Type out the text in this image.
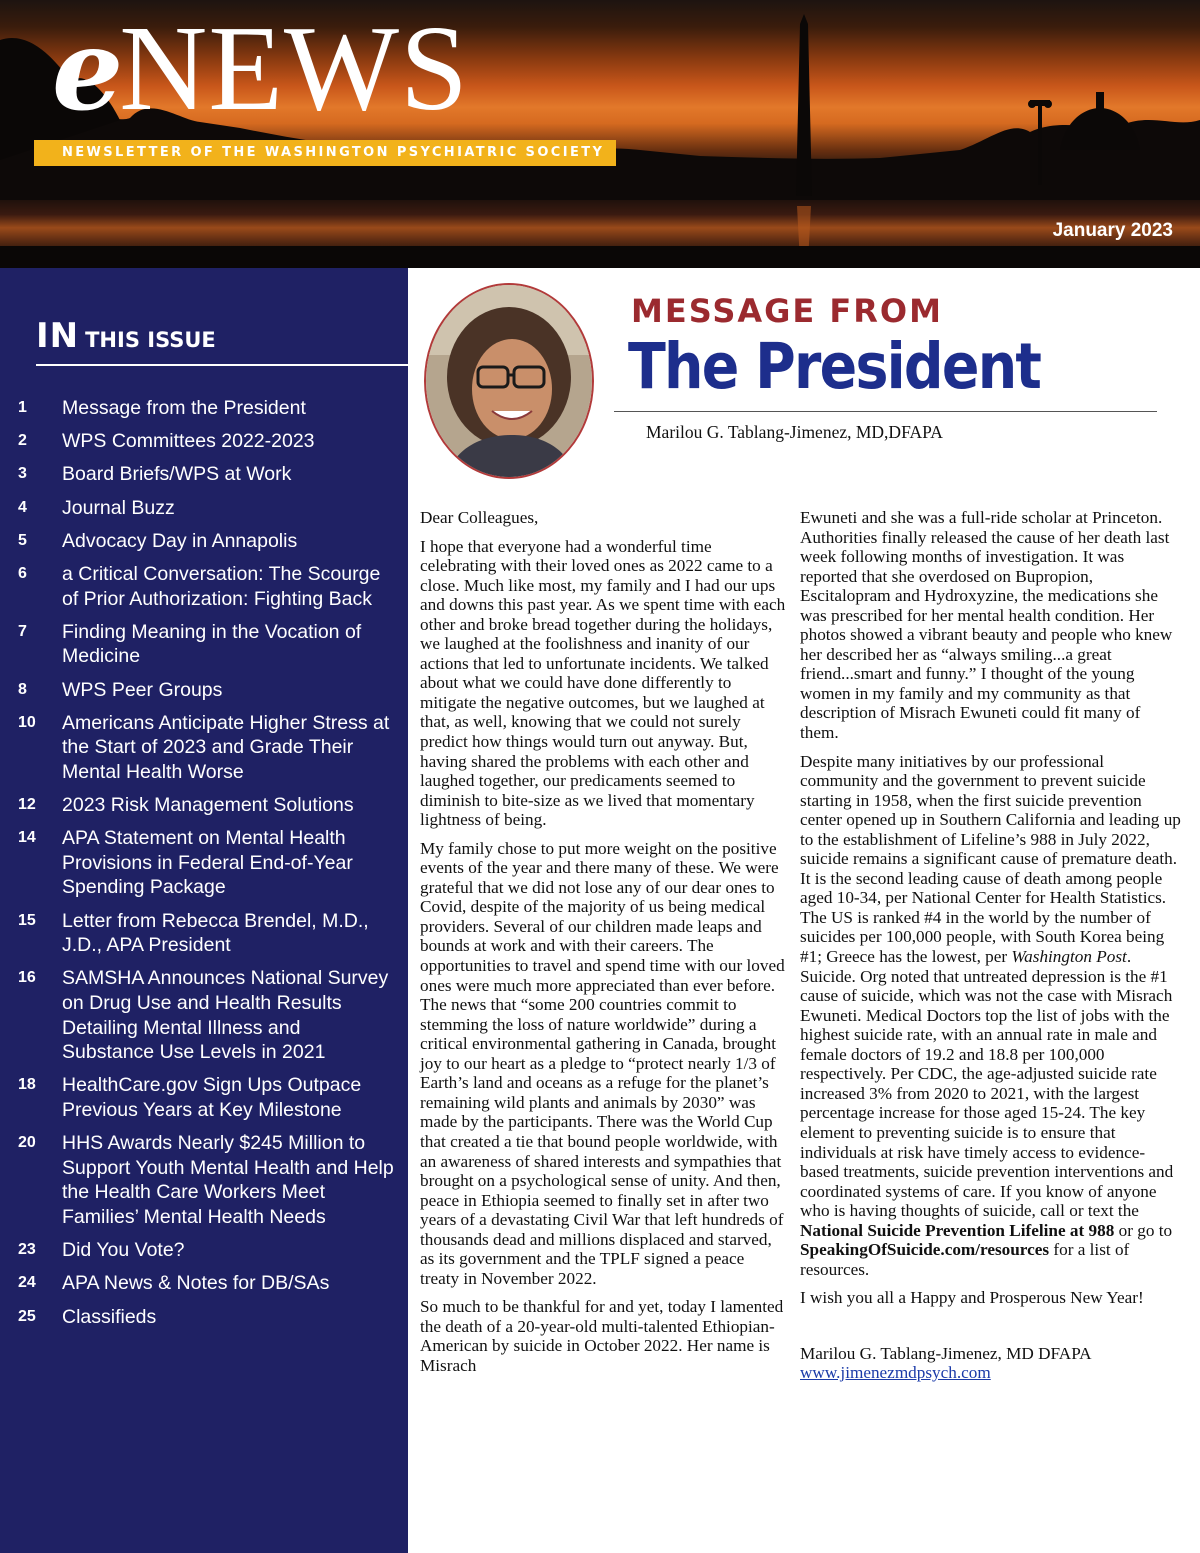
eNEWS
NEWSLETTER OF THE WASHINGTON PSYCHIATRIC SOCIETY
January 2023
IN THIS ISSUE
1	Message from the President
2	WPS Committees 2022-2023
3	Board Briefs/WPS at Work
4	Journal Buzz
5	Advocacy Day in Annapolis
6	a Critical Conversation: The Scourge of Prior Authorization: Fighting Back
7	Finding Meaning in the Vocation of Medicine
8	WPS Peer Groups
10	Americans Anticipate Higher Stress at the Start of 2023 and Grade Their Mental Health Worse
12	2023 Risk Management Solutions
14	APA Statement on Mental Health Provisions in Federal End-of-Year Spending Package
15	Letter from Rebecca Brendel, M.D., J.D., APA President
16	SAMSHA Announces National Survey on Drug Use and Health Results Detailing Mental Illness and Substance Use Levels in 2021
18	HealthCare.gov Sign Ups Outpace Previous Years at Key Milestone
20	HHS Awards Nearly $245 Million to Support Youth Mental Health and Help the Health Care Workers Meet Families’ Mental Health Needs
23	Did You Vote?
24	APA News & Notes for DB/SAs
25	Classifieds
MESSAGE FROM
The President
Marilou G. Tablang-Jimenez, MD,DFAPA

Dear Colleagues,

I hope that everyone had a wonderful time celebrating with their loved ones as 2022 came to a close. Much like most, my family and I had our ups and downs this past year. As we spent time with each other and broke bread together during the holidays, we laughed at the foolishness and inanity of our actions that led to unfortunate incidents. We talked about what we could have done differently to mitigate the negative outcomes, but we laughed at that, as well, knowing that we could not surely predict how things would turn out anyway. But, having shared the problems with each other and laughed together, our predicaments seemed to diminish to bite-size as we lived that momentary lightness of being.

My family chose to put more weight on the positive events of the year and there many of these. We were grateful that we did not lose any of our dear ones to Covid, despite of the majority of us being medical providers. Several of our children made leaps and bounds at work and with their careers. The opportunities to travel and spend time with our loved ones were much more appreciated than ever before. The news that “some 200 countries commit to stemming the loss of nature worldwide” during a critical environmental gathering in Canada, brought joy to our heart as a pledge to “protect nearly 1/3 of Earth’s land and oceans as a refuge for the planet’s remaining wild plants and animals by 2030” was made by the participants. There was the World Cup that created a tie that bound people worldwide, with an awareness of shared interests and sympathies that brought on a psychological sense of unity. And then, peace in Ethiopia seemed to finally set in after two years of a devastating Civil War that left hundreds of thousands dead and millions displaced and starved, as its government and the TPLF signed a peace treaty in November 2022.

So much to be thankful for and yet, today I lamented the death of a 20-year-old multi-talented Ethiopian-American by suicide in October 2022. Her name is Misrach

Ewuneti and she was a full-ride scholar at Princeton. Authorities finally released the cause of her death last week following months of investigation. It was reported that she overdosed on Bupropion, Escitalopram and Hydroxyzine, the medications she was prescribed for her mental health condition. Her photos showed a vibrant beauty and people who knew her described her as “always smiling...a great friend...smart and funny.” I thought of the young women in my family and my community as that description of Misrach Ewuneti could fit many of them.

Despite many initiatives by our professional community and the government to prevent suicide starting in 1958, when the first suicide prevention center opened up in Southern California and leading up to the establishment of Lifeline’s 988 in July 2022, suicide remains a significant cause of premature death. It is the second leading cause of death among people aged 10-34, per National Center for Health Statistics. The US is ranked #4 in the world by the number of suicides per 100,000 people, with South Korea being #1; Greece has the lowest, per Washington Post. Suicide. Org noted that untreated depression is the #1 cause of suicide, which was not the case with Misrach Ewuneti. Medical Doctors top the list of jobs with the highest suicide rate, with an annual rate in male and female doctors of 19.2 and 18.8 per 100,000 respectively. Per CDC, the age-adjusted suicide rate increased 3% from 2020 to 2021, with the largest percentage increase for those aged 15-24. The key element to preventing suicide is to ensure that individuals at risk have timely access to evidence-based treatments, suicide prevention interventions and coordinated systems of care. If you know of anyone who is having thoughts of suicide, call or text the National Suicide Prevention Lifeline at 988 or go to SpeakingOfSuicide.com/resources for a list of resources.

I wish you all a Happy and Prosperous New Year!

Marilou G. Tablang-Jimenez, MD DFAPA
www.jimenezmdpsych.com
